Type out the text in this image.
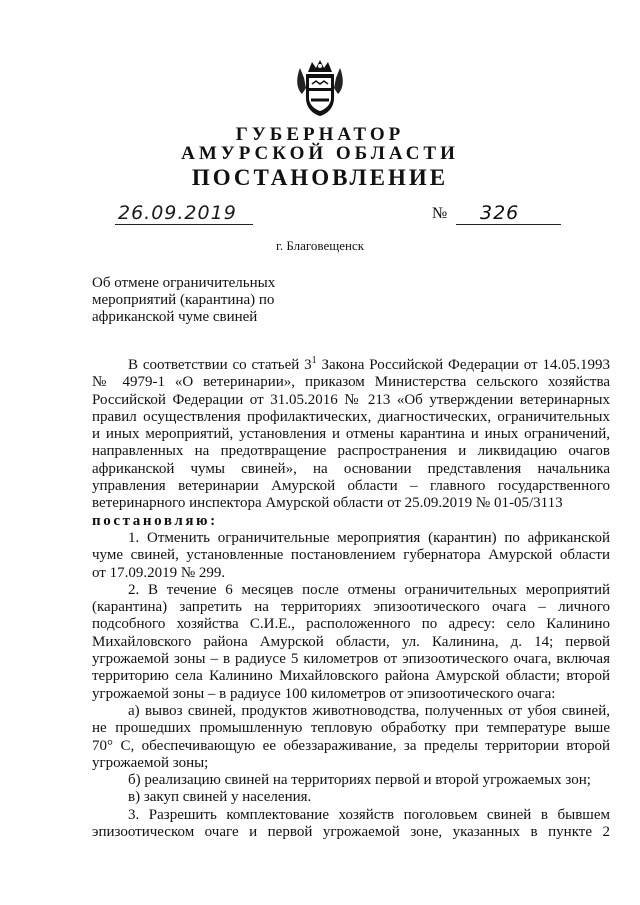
ГУБЕРНАТОР
АМУРСКОЙ ОБЛАСТИ
ПОСТАНОВЛЕНИЕ
26.09.2019	№ 326
г. Благовещенск
Об отмене ограничительных
мероприятий (карантина) по
африканской чуме свиней
В соответствии со статьей $3^1$ Закона Российской Федерации от 14.05.1993
№ 4979-1 «О ветеринарии», приказом Министерства сельского хозяйства
Российской Федерации от 31.05.2016 № 213 «Об утверждении ветеринарных
правил осуществления профилактических, диагностических, ограничительных
и иных мероприятий, установления и отмены карантина и иных ограничений,
направленных на предотвращение распространения и ликвидацию очагов
африканской чумы свиней», на основании представления начальника
управления ветеринарии Амурской области – главного государственного
ветеринарного инспектора Амурской области от 25.09.2019 № 01-05/3113
постановляю:
1. Отменить ограничительные мероприятия (карантин) по африканской
чуме свиней, установленные постановлением губернатора Амурской области
от 17.09.2019 № 299.
2. В течение 6 месяцев после отмены ограничительных мероприятий
(карантина) запретить на территориях эпизоотического очага – личного
подсобного хозяйства С.И.Е., расположенного по адресу: село Калинино
Михайловского района Амурской области, ул. Калинина, д. 14; первой
угрожаемой зоны – в радиусе 5 километров от эпизоотического очага, включая
территорию села Калинино Михайловского района Амурской области; второй
угрожаемой зоны – в радиусе 100 километров от эпизоотического очага:
а) вывоз свиней, продуктов животноводства, полученных от убоя свиней,
не прошедших промышленную тепловую обработку при температуре выше
70° С, обеспечивающую ее обеззараживание, за пределы территории второй
угрожаемой зоны;
б) реализацию свиней на территориях первой и второй угрожаемых зон;
в) закуп свиней у населения.
3. Разрешить комплектование хозяйств поголовьем свиней в бывшем
эпизоотическом очаге и первой угрожаемой зоне, указанных в пункте 2
